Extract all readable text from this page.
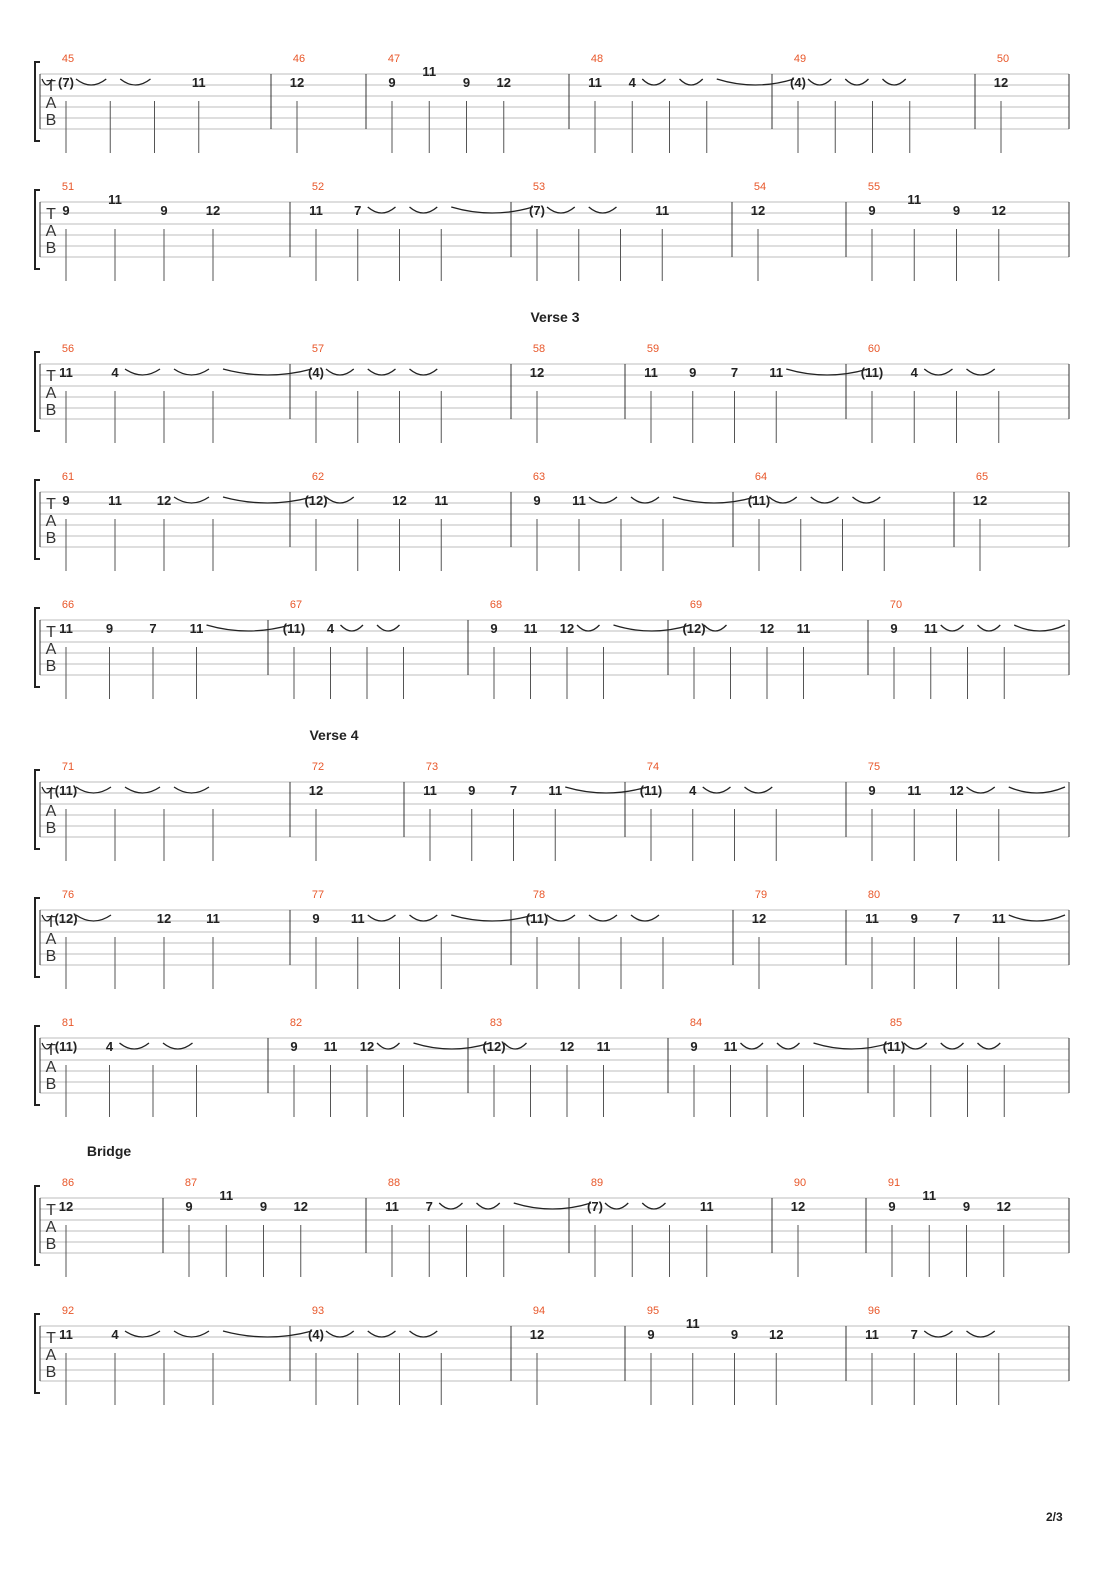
T
A
B
45	46	47	48	49	50
(7)	11	12	9
11
9 12	11 4	(4)	12
T
A
B
51	52	53	54	55
9
11
9	12	11 7	(7)	11	12	9
11
9 12
T
A
B
Verse 3
56	57	58	59	60
11	4	(4)	12	11 9	7 11	(11) 4
T
A
B
61	62	63	64	65
9	11	12	(12)	12 11	9 11	(11)	12
T
A
B
66	67	68	69	70
11	9	7	11	(11) 4	9 11 12	(12)	12 11	9 11
T
A
B
Verse 4
71	72	73	74	75
(11)	12	11 9	7 11	(11) 4	9 11 12
T
A
B
76	77	78	79	80
(12)	12	11	9 11	(11)	12	11 9	7 11
T
A
B
81	82	83	84	85
(11) 4	9 11 12	(12)	12 11	9 11	(11)
T
A
B
Bridge
86	87	88	89	90	91
12	9
11
9 12	11 7	(7)	11	12	9
11
9 12
T
A
B
92	93	94	95	96
11	4	(4)	12	9
11
9 12	11 7
2/3
